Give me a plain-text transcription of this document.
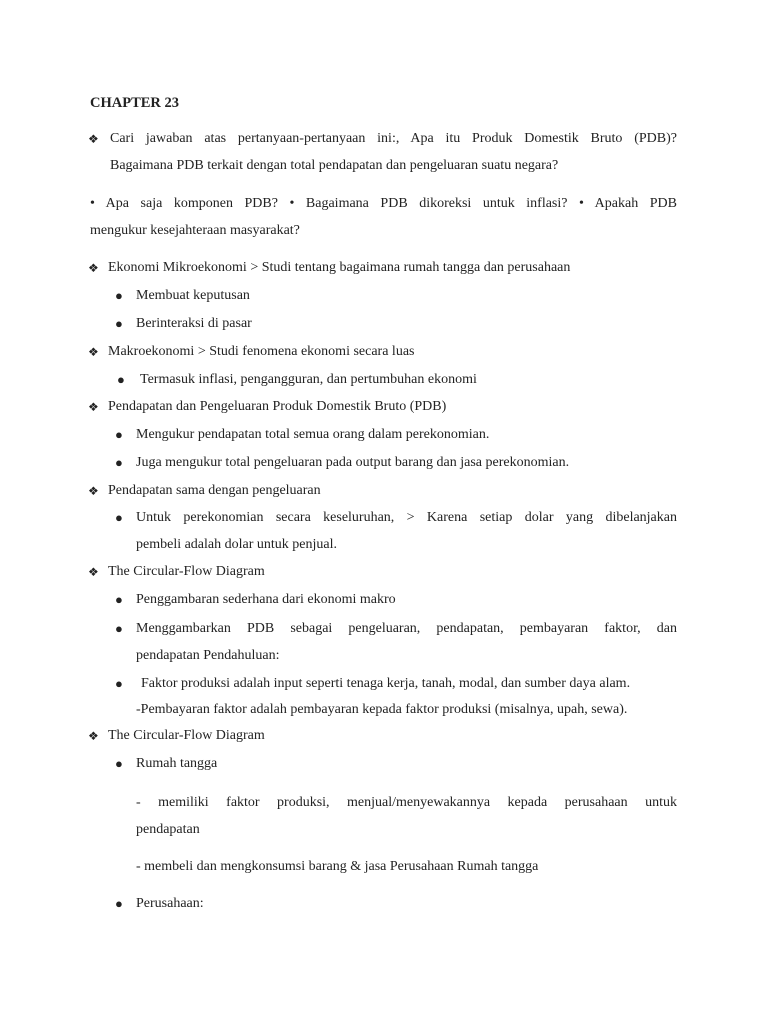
CHAPTER 23
❖ Cari jawaban atas pertanyaan-pertanyaan ini:, Apa itu Produk Domestik Bruto (PDB)?
Bagaimana PDB terkait dengan total pendapatan dan pengeluaran suatu negara?
• Apa saja komponen PDB? • Bagaimana PDB dikoreksi untuk inflasi? • Apakah PDB
mengukur kesejahteraan masyarakat?
❖ Ekonomi Mikroekonomi > Studi tentang bagaimana rumah tangga dan perusahaan
● Membuat keputusan
● Berinteraksi di pasar
❖ Makroekonomi > Studi fenomena ekonomi secara luas
● Termasuk inflasi, pengangguran, dan pertumbuhan ekonomi
❖ Pendapatan dan Pengeluaran Produk Domestik Bruto (PDB)
● Mengukur pendapatan total semua orang dalam perekonomian.
● Juga mengukur total pengeluaran pada output barang dan jasa perekonomian.
❖ Pendapatan sama dengan pengeluaran
● Untuk perekonomian secara keseluruhan, > Karena setiap dolar yang dibelanjakan
pembeli adalah dolar untuk penjual.
❖ The Circular-Flow Diagram
● Penggambaran sederhana dari ekonomi makro
● Menggambarkan PDB sebagai pengeluaran, pendapatan, pembayaran faktor, dan
pendapatan Pendahuluan:
● Faktor produksi adalah input seperti tenaga kerja, tanah, modal, dan sumber daya alam.
-Pembayaran faktor adalah pembayaran kepada faktor produksi (misalnya, upah, sewa).
❖ The Circular-Flow Diagram
● Rumah tangga
- memiliki faktor produksi, menjual/menyewakannya kepada perusahaan untuk
pendapatan
- membeli dan mengkonsumsi barang & jasa Perusahaan Rumah tangga
● Perusahaan:
